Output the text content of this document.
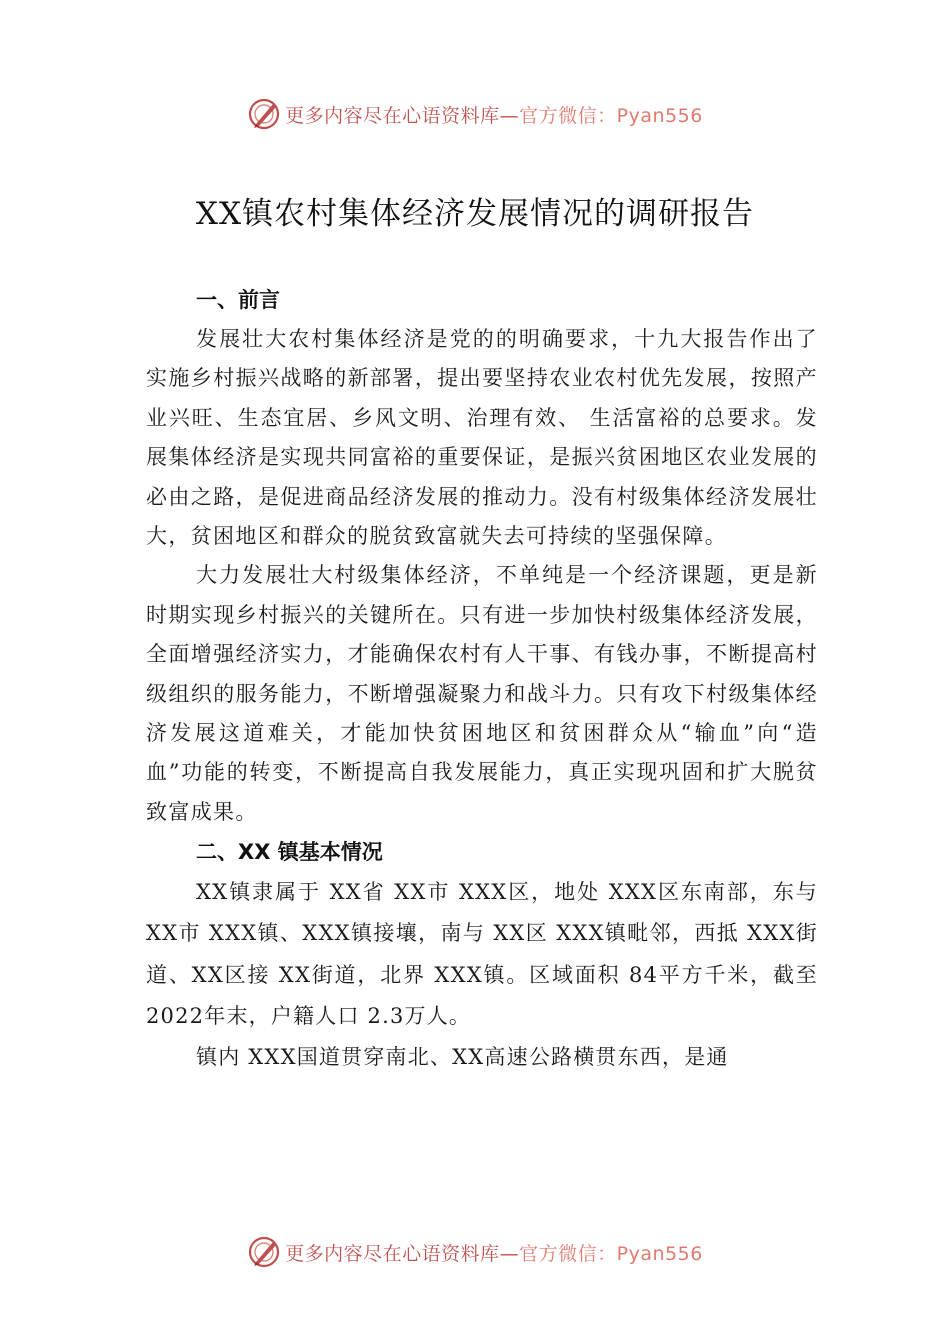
更多内容尽在心语资料库—官方微信：Pyan556
XX镇农村集体经济发展情况的调研报告
一、前言

发展壮大农村集体经济是党的的明确要求，十九大报告作出了实施乡村振兴战略的新部署，提出要坚持农业农村优先发展，按照产业兴旺、生态宜居、乡风文明、治理有效、 生活富裕的总要求。发展集体经济是实现共同富裕的重要保证，是振兴贫困地区农业发展的必由之路，是促进商品经济发展的推动力。没有村级集体经济发展壮大，贫困地区和群众的脱贫致富就失去可持续的坚强保障。

大力发展壮大村级集体经济，不单纯是一个经济课题，更是新时期实现乡村振兴的关键所在。只有进一步加快村级集体经济发展，全面增强经济实力，才能确保农村有人干事、有钱办事，不断提高村级组织的服务能力，不断增强凝聚力和战斗力。只有攻下村级集体经济发展这道难关，才能加快贫困地区和贫困群众从“输血”向“造血”功能的转变，不断提高自我发展能力，真正实现巩固和扩大脱贫致富成果。

二、XX 镇基本情况

XX镇隶属于 XX省 XX市 XXX区，地处 XXX区东南部，东与 XX市 XXX镇、XXX镇接壤，南与 XX区 XXX镇毗邻，西抵 XXX街道、XX区接 XX街道，北界 XXX镇。区域面积 84平方千米，截至 2022年末，户籍人口 2.3万人。

镇内 XXX国道贯穿南北、XX高速公路横贯东西，是通

更多内容尽在心语资料库—官方微信：Pyan556
